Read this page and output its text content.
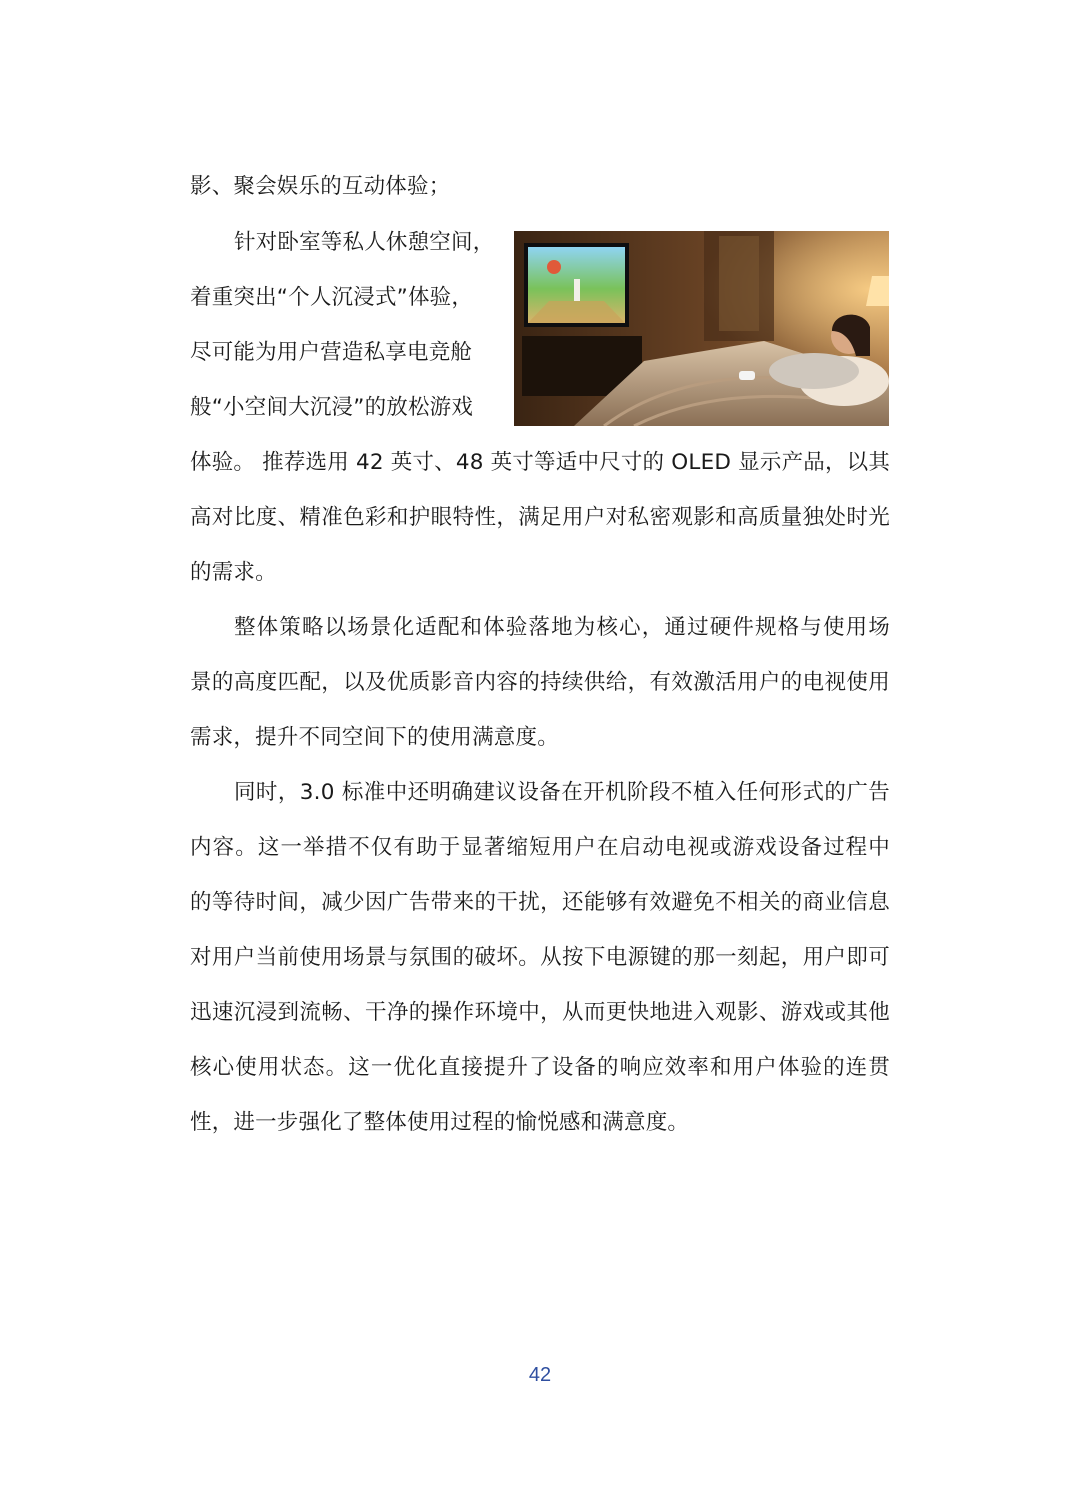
影、聚会娱乐的互动体验；
针对卧室等私人休憩空间，
着重突出“个人沉浸式”体验，
尽可能为用户营造私享电竞舱
般“小空间大沉浸”的放松游戏
体验。 推荐选用 42 英寸、48 英寸等适中尺寸的 OLED 显示产品，以其
高对比度、精准色彩和护眼特性，满足用户对私密观影和高质量独处时光
的需求。
整体策略以场景化适配和体验落地为核心，通过硬件规格与使用场
景的高度匹配，以及优质影音内容的持续供给，有效激活用户的电视使用
需求，提升不同空间下的使用满意度。
同时，3.0 标准中还明确建议设备在开机阶段不植入任何形式的广告
内容。这一举措不仅有助于显著缩短用户在启动电视或游戏设备过程中
的等待时间，减少因广告带来的干扰，还能够有效避免不相关的商业信息
对用户当前使用场景与氛围的破坏。从按下电源键的那一刻起，用户即可
迅速沉浸到流畅、干净的操作环境中，从而更快地进入观影、游戏或其他
核心使用状态。这一优化直接提升了设备的响应效率和用户体验的连贯
性，进一步强化了整体使用过程的愉悦感和满意度。
42
